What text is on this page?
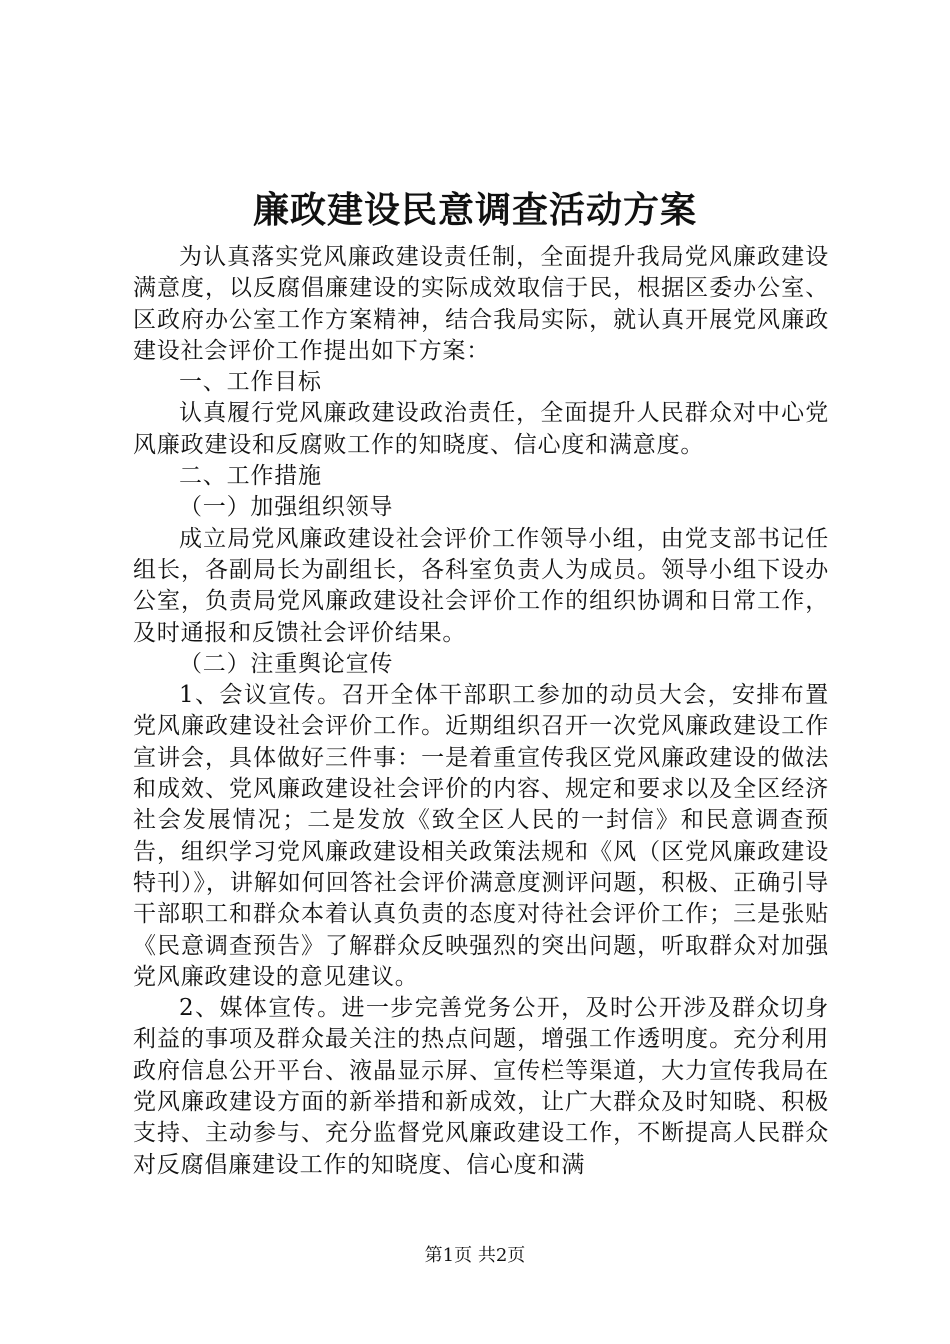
廉政建设民意调查活动方案

为认真落实党风廉政建设责任制，全面提升我局党风廉政建设满意度，以反腐倡廉建设的实际成效取信于民，根据区委办公室、区政府办公室工作方案精神，结合我局实际，就认真开展党风廉政建设社会评价工作提出如下方案：

一、工作目标

认真履行党风廉政建设政治责任，全面提升人民群众对中心党风廉政建设和反腐败工作的知晓度、信心度和满意度。

二、工作措施

（一）加强组织领导

成立局党风廉政建设社会评价工作领导小组，由党支部书记任组长，各副局长为副组长，各科室负责人为成员。领导小组下设办公室，负责局党风廉政建设社会评价工作的组织协调和日常工作，及时通报和反馈社会评价结果。

（二）注重舆论宣传

1、会议宣传。召开全体干部职工参加的动员大会，安排布置党风廉政建设社会评价工作。近期组织召开一次党风廉政建设工作宣讲会，具体做好三件事：一是着重宣传我区党风廉政建设的做法和成效、党风廉政建设社会评价的内容、规定和要求以及全区经济社会发展情况；二是发放《致全区人民的一封信》和民意调查预告，组织学习党风廉政建设相关政策法规和《风（区党风廉政建设特刊）》，讲解如何回答社会评价满意度测评问题，积极、正确引导干部职工和群众本着认真负责的态度对待社会评价工作；三是张贴《民意调查预告》了解群众反映强烈的突出问题，听取群众对加强党风廉政建设的意见建议。

2、媒体宣传。进一步完善党务公开，及时公开涉及群众切身利益的事项及群众最关注的热点问题，增强工作透明度。充分利用政府信息公开平台、液晶显示屏、宣传栏等渠道，大力宣传我局在党风廉政建设方面的新举措和新成效，让广大群众及时知晓、积极支持、主动参与、充分监督党风廉政建设工作，不断提高人民群众对反腐倡廉建设工作的知晓度、信心度和满

第1页 共2页
